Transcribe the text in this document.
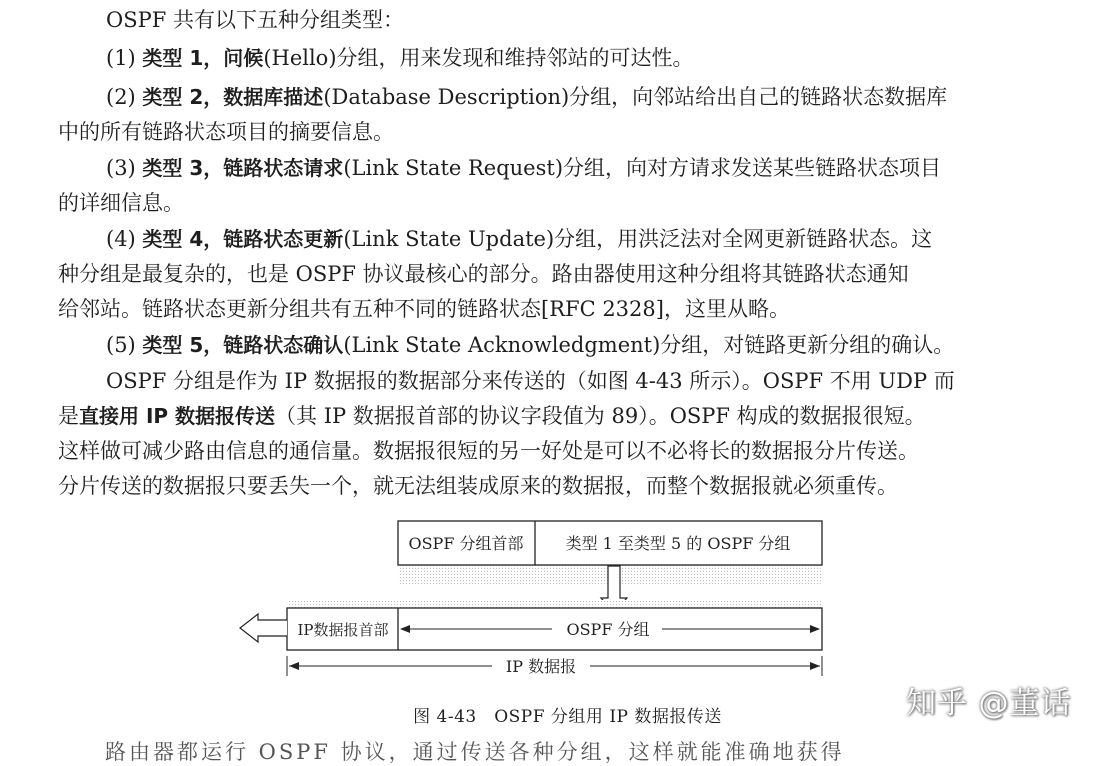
OSPF 共有以下五种分组类型：
(1) 类型 1，问候(Hello)分组，用来发现和维持邻站的可达性。
(2) 类型 2，数据库描述(Database Description)分组，向邻站给出自己的链路状态数据库
中的所有链路状态项目的摘要信息。
(3) 类型 3，链路状态请求(Link State Request)分组，向对方请求发送某些链路状态项目
的详细信息。
(4) 类型 4，链路状态更新(Link State Update)分组，用洪泛法对全网更新链路状态。这
种分组是最复杂的，也是 OSPF 协议最核心的部分。路由器使用这种分组将其链路状态通知
给邻站。链路状态更新分组共有五种不同的链路状态[RFC 2328]，这里从略。
(5) 类型 5，链路状态确认(Link State Acknowledgment)分组，对链路更新分组的确认。
OSPF 分组是作为 IP 数据报的数据部分来传送的（如图 4-43 所示）。OSPF 不用 UDP 而
是直接用 IP 数据报传送（其 IP 数据报首部的协议字段值为 89）。OSPF 构成的数据报很短。
这样做可减少路由信息的通信量。数据报很短的另一好处是可以不必将长的数据报分片传送。
分片传送的数据报只要丢失一个，就无法组装成原来的数据报，而整个数据报就必须重传。
OSPF 分组首部	类型 1 至类型 5 的 OSPF 分组
IP数据报首部	OSPF 分组
IP 数据报
图 4-43　OSPF 分组用 IP 数据报传送	知乎 @董话
路由器都运行 OSPF 协议，通过传送各种分组，这样就能准确地获得
